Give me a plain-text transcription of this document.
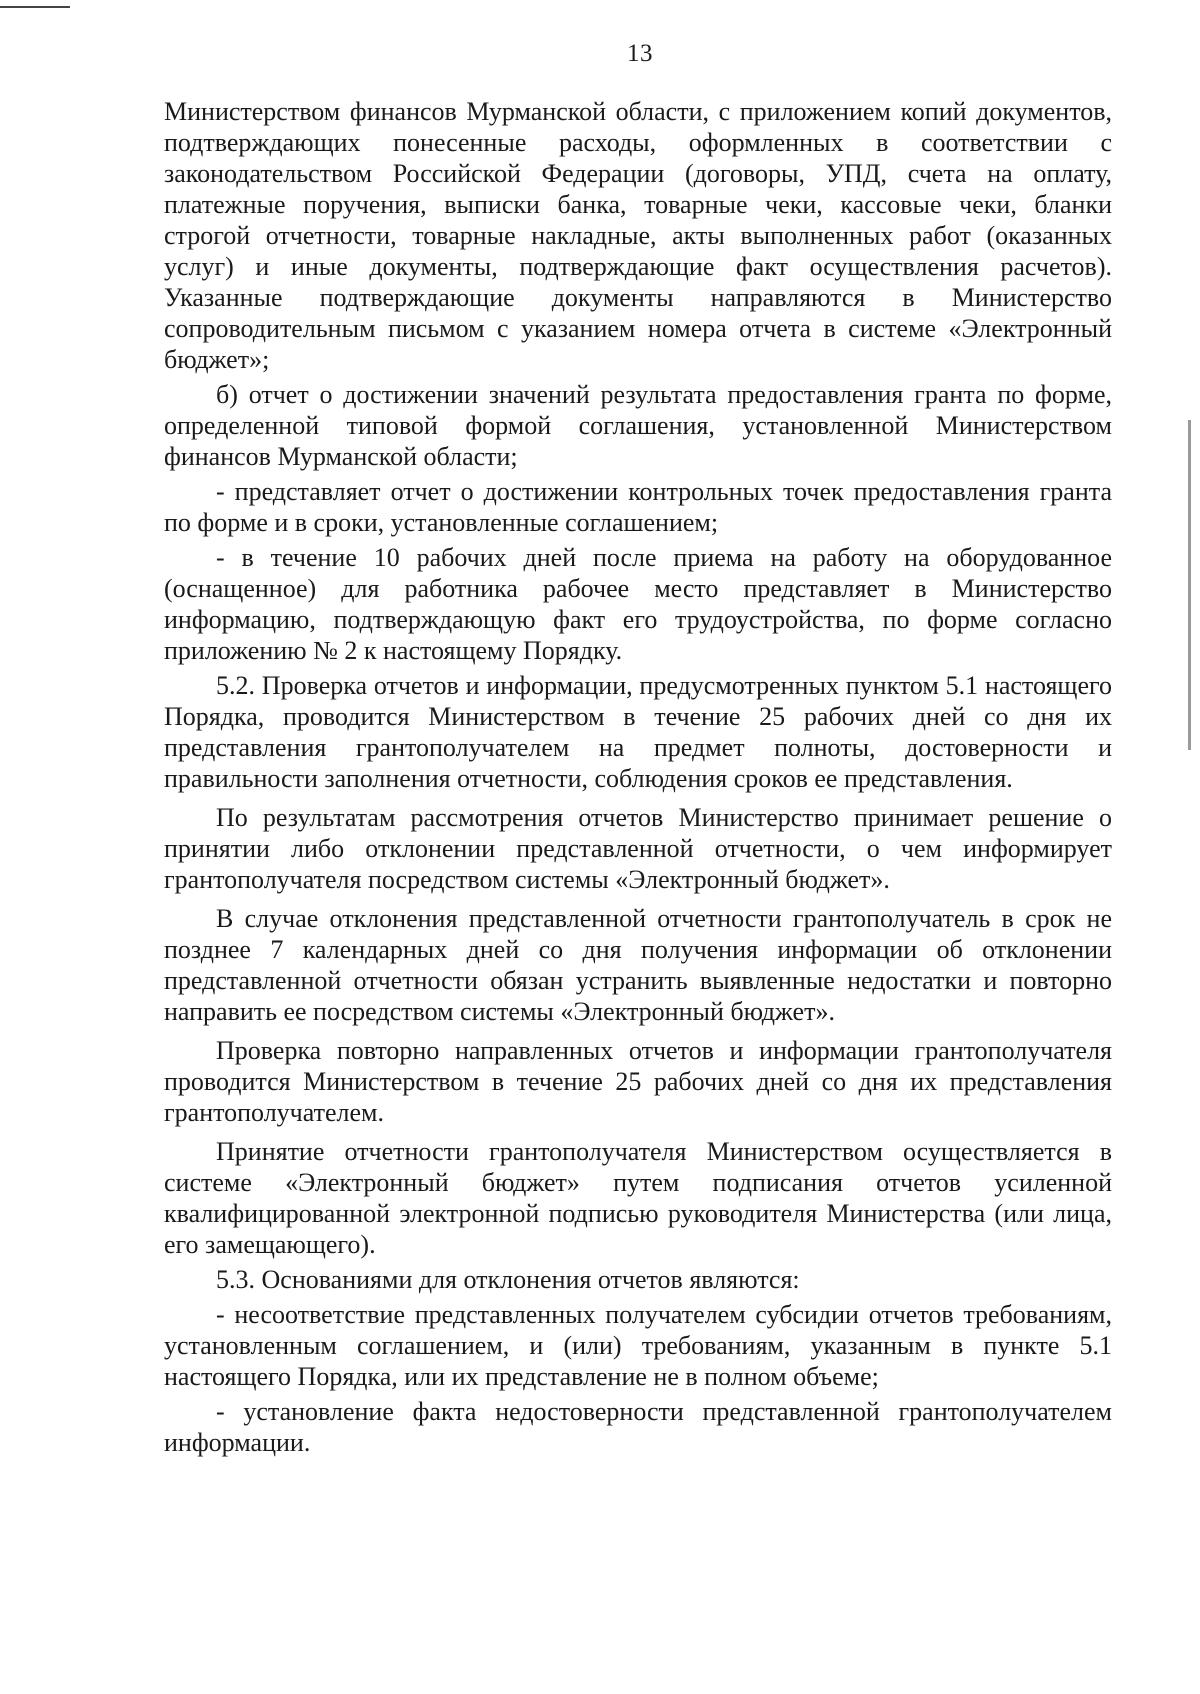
13

Министерством финансов Мурманской области, с приложением копий документов, подтверждающих понесенные расходы, оформленных в соответствии с законодательством Российской Федерации (договоры, УПД, счета на оплату, платежные поручения, выписки банка, товарные чеки, кассовые чеки, бланки строгой отчетности, товарные накладные, акты выполненных работ (оказанных услуг) и иные документы, подтверждающие факт осуществления расчетов). Указанные подтверждающие документы направляются в Министерство сопроводительным письмом с указанием номера отчета в системе «Электронный бюджет»;

б) отчет о достижении значений результата предоставления гранта по форме, определенной типовой формой соглашения, установленной Министерством финансов Мурманской области;

- представляет отчет о достижении контрольных точек предоставления гранта по форме и в сроки, установленные соглашением;

- в течение 10 рабочих дней после приема на работу на оборудованное (оснащенное) для работника рабочее место представляет в Министерство информацию, подтверждающую факт его трудоустройства, по форме согласно приложению № 2 к настоящему Порядку.

5.2. Проверка отчетов и информации, предусмотренных пунктом 5.1 настоящего Порядка, проводится Министерством в течение 25 рабочих дней со дня их представления грантополучателем на предмет полноты, достоверности и правильности заполнения отчетности, соблюдения сроков ее представления.

По результатам рассмотрения отчетов Министерство принимает решение о принятии либо отклонении представленной отчетности, о чем информирует грантополучателя посредством системы «Электронный бюджет».

В случае отклонения представленной отчетности грантополучатель в срок не позднее 7 календарных дней со дня получения информации об отклонении представленной отчетности обязан устранить выявленные недостатки и повторно направить ее посредством системы «Электронный бюджет».

Проверка повторно направленных отчетов и информации грантополучателя проводится Министерством в течение 25 рабочих дней со дня их представления грантополучателем.

Принятие отчетности грантополучателя Министерством осуществляется в системе «Электронный бюджет» путем подписания отчетов усиленной квалифицированной электронной подписью руководителя Министерства (или лица, его замещающего).

5.3. Основаниями для отклонения отчетов являются:

- несоответствие представленных получателем субсидии отчетов требованиям, установленным соглашением, и (или) требованиям, указанным в пункте 5.1 настоящего Порядка, или их представление не в полном объеме;

- установление факта недостоверности представленной грантополучателем информации.
